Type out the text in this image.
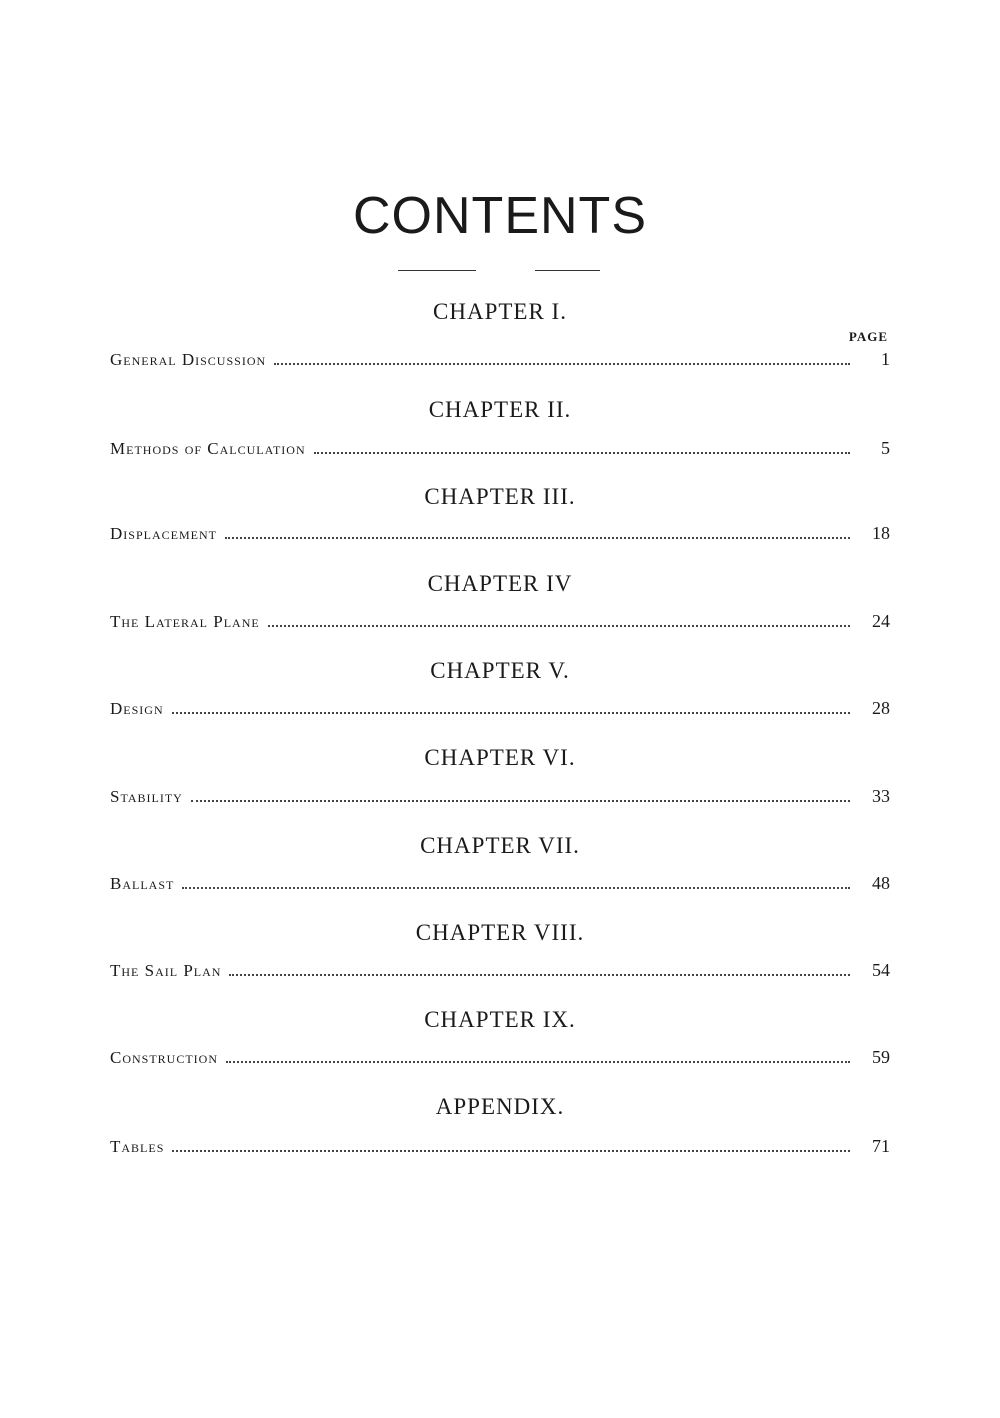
CONTENTS
PAGE
CHAPTER I.
General Discussion	1
CHAPTER II.
Methods of Calculation	5
CHAPTER III.
Displacement	18
CHAPTER IV
The Lateral Plane	24
CHAPTER V.
Design	28
CHAPTER VI.
Stability	33
CHAPTER VII.
Ballast	48
CHAPTER VIII.
The Sail Plan	54
CHAPTER IX.
Construction	59
APPENDIX.
Tables	71
